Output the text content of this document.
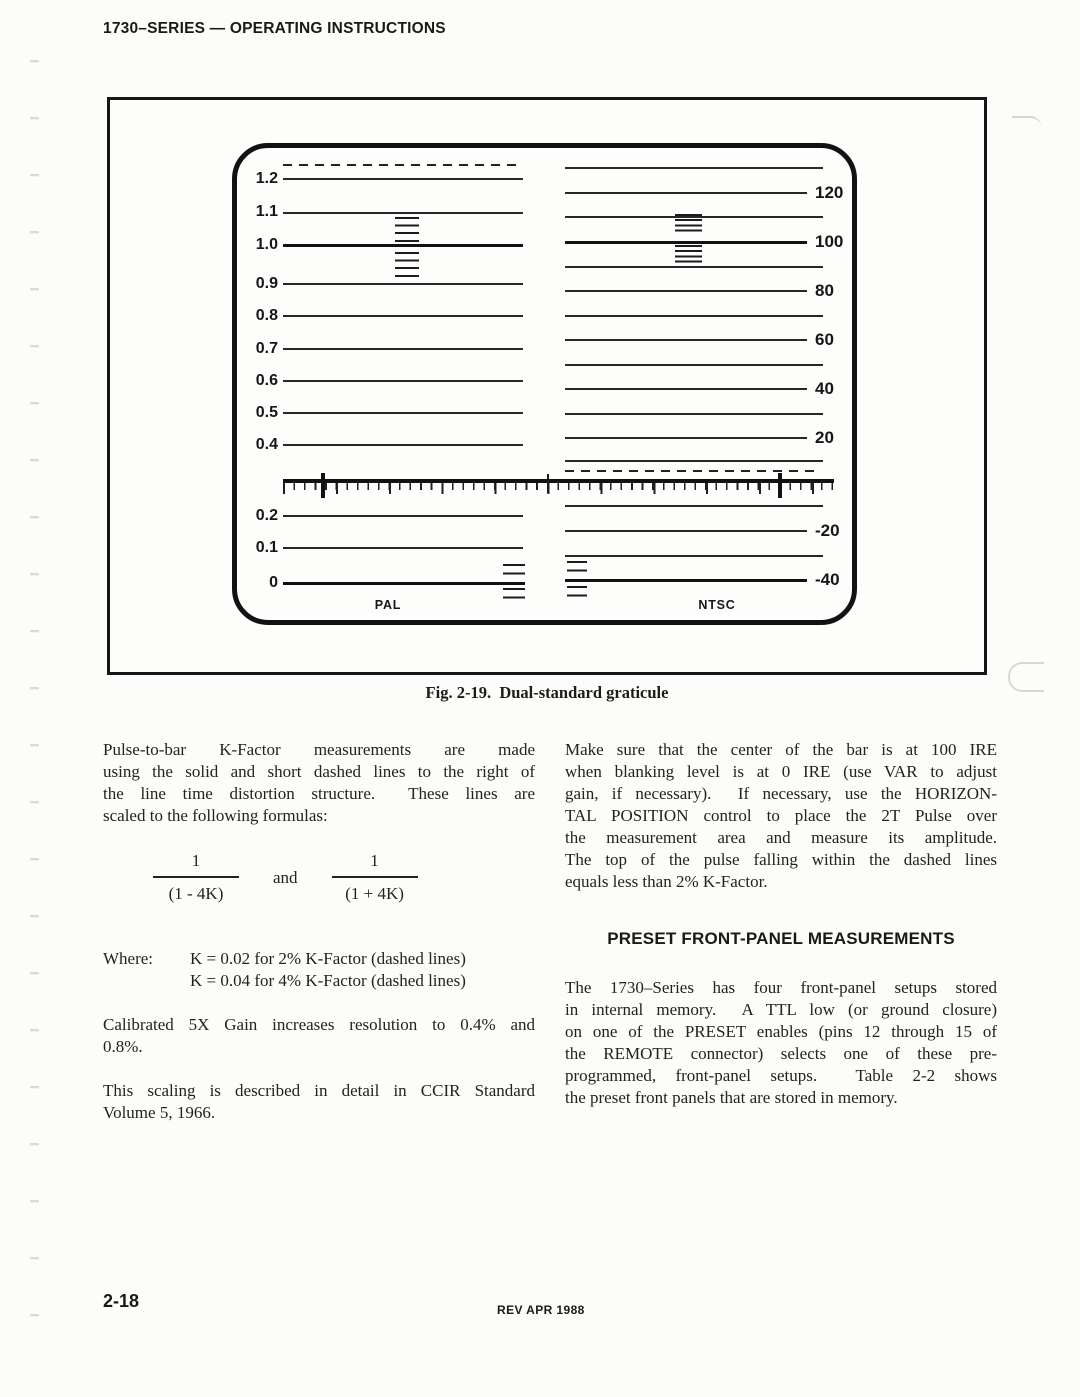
1730–SERIES — OPERATING INSTRUCTIONS
1.2
1.1
1.0
0.9
0.8
0.7
0.6
0.5
0.4
120
100
80
60
40
20
0.2
0.1
0
-20
-40
PAL	NTSC
Fig. 2-19.  Dual-standard graticule
Pulse-to-bar K-Factor measurements are made
using the solid and short dashed lines to the right of
the line time distortion structure.  These lines are
scaled to the following formulas:
$\frac{1}{(1 - 4K)}$ and $\frac{1}{(1 + 4K)}$
Where:	K = 0.02 for 2% K-Factor (dashed lines)
K = 0.04 for 4% K-Factor (dashed lines)
Calibrated 5X Gain increases resolution to 0.4% and
0.8%.
This scaling is described in detail in CCIR Standard
Volume 5, 1966.
Make sure that the center of the bar is at 100 IRE
when blanking level is at 0 IRE (use VAR to adjust
gain, if necessary).  If necessary, use the HORIZON-
TAL POSITION control to place the 2T Pulse over
the measurement area and measure its amplitude.
The top of the pulse falling within the dashed lines
equals less than 2% K-Factor.
PRESET FRONT-PANEL MEASUREMENTS
The 1730–Series has four front-panel setups stored
in internal memory.  A TTL low (or ground closure)
on one of the PRESET enables (pins 12 through 15 of
the REMOTE connector) selects one of these pre-
programmed, front-panel setups.  Table 2-2 shows
the preset front panels that are stored in memory.
2-18	REV APR 1988
